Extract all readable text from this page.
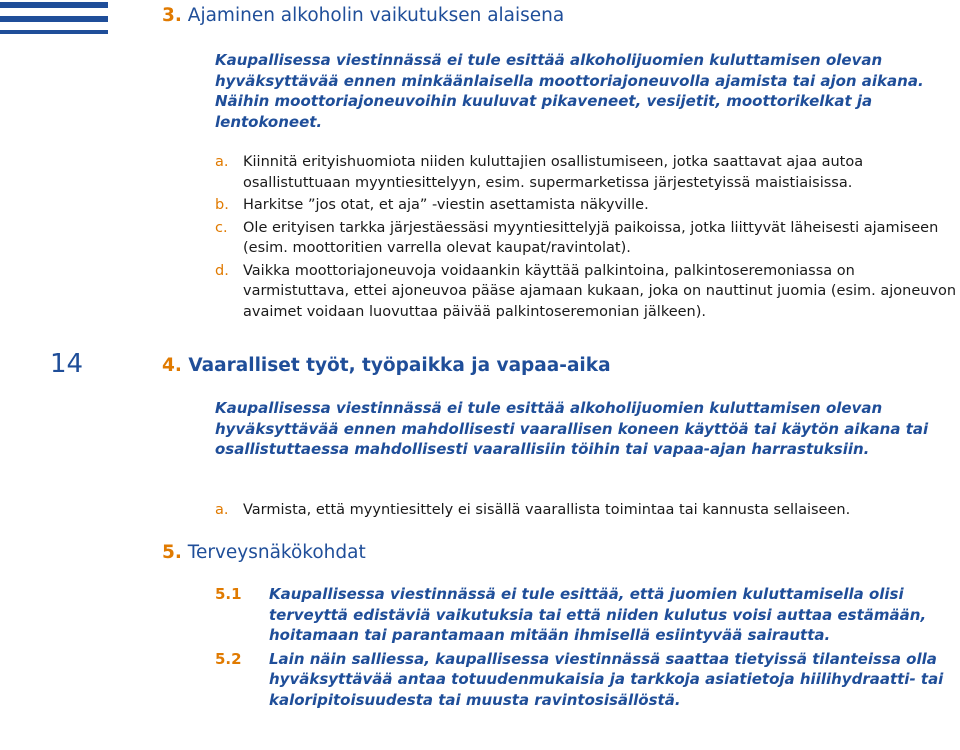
14
3. Ajaminen alkoholin vaikutuksen alaisena
Kaupallisessa viestinnässä ei tule esittää alkoholijuomien kuluttamisen olevan hyväksyttävää ennen minkäänlaisella moottoriajoneuvolla ajamista tai ajon aikana. Näihin moottoriajoneuvoihin kuuluvat pikaveneet, vesijetit, moottorikelkat ja lentokoneet.
a. Kiinnitä erityishuomiota niiden kuluttajien osallistumiseen, jotka saattavat ajaa autoa osallistuttuaan myyntiesittelyyn, esim. supermarketissa järjestetyissä maistiaisissa.
b. Harkitse ”jos otat, et aja” -viestin asettamista näkyville.
c. Ole erityisen tarkka järjestäessäsi myyntiesittelyjä paikoissa, jotka liittyvät läheisesti ajamiseen (esim. moottoritien varrella olevat kaupat/ravintolat).
d. Vaikka moottoriajoneuvoja voidaankin käyttää palkintoina, palkintoseremoniassa on varmistuttava, ettei ajoneuvoa pääse ajamaan kukaan, joka on nauttinut juomia (esim. ajoneuvon avaimet voidaan luovuttaa päivää palkintoseremonian jälkeen).
4. Vaaralliset työt, työpaikka ja vapaa-aika
Kaupallisessa viestinnässä ei tule esittää alkoholijuomien kuluttamisen olevan hyväksyttävää ennen mahdollisesti vaarallisen koneen käyttöä tai käytön aikana tai osallistuttaessa mahdollisesti vaarallisiin töihin tai vapaa-ajan harrastuksiin.
a. Varmista, että myyntiesittely ei sisällä vaarallista toimintaa tai kannusta sellaiseen.
5. Terveysnäkökohdat
5.1 Kaupallisessa viestinnässä ei tule esittää, että juomien kuluttamisella olisi terveyttä edistäviä vaikutuksia tai että niiden kulutus voisi auttaa estämään, hoitamaan tai parantamaan mitään ihmisellä esiintyvää sairautta.
5.2 Lain näin salliessa, kaupallisessa viestinnässä saattaa tietyissä tilanteissa olla hyväksyttävää antaa totuudenmukaisia ja tarkkoja asiatietoja hiilihydraatti- tai kaloripitoisuudesta tai muusta ravintosisällöstä.
